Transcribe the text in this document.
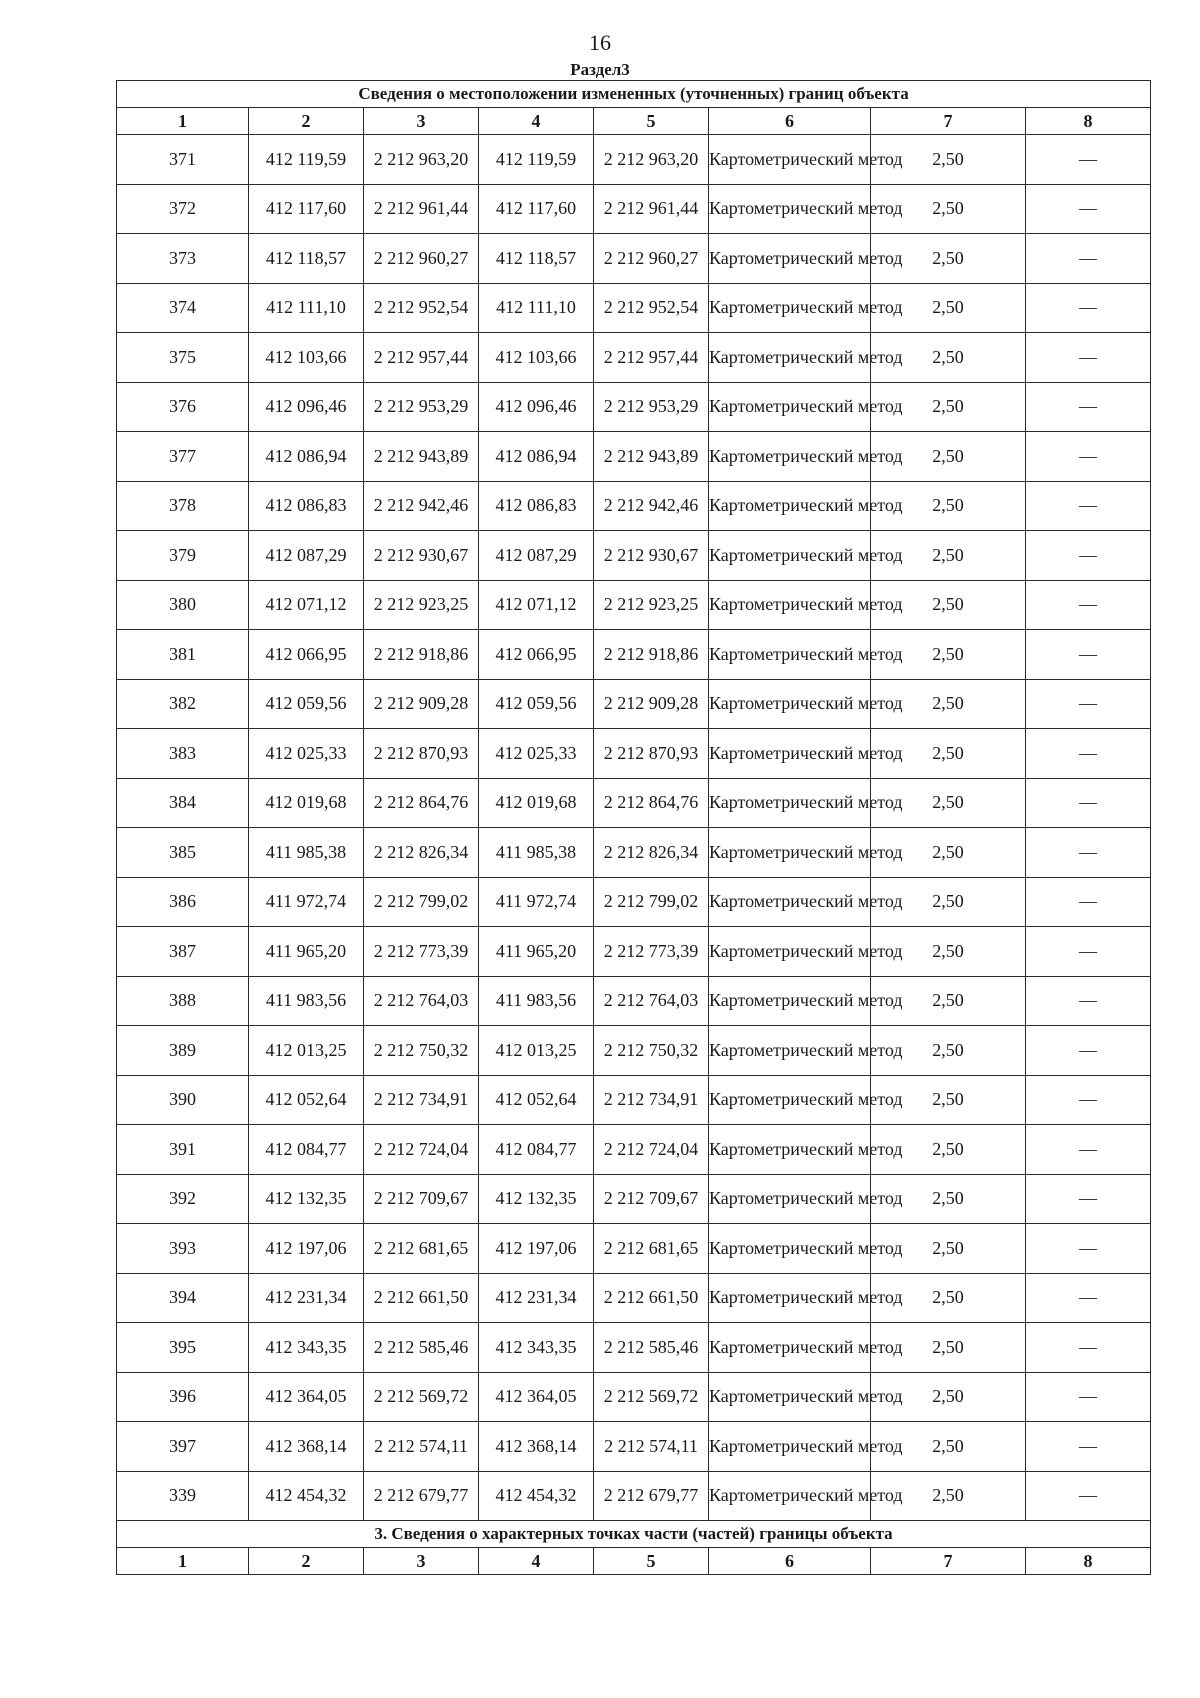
16
Раздел3
Сведения о местоположении измененных (уточненных) границ объекта							
1	2	3	4	5	6	7	8
371	412 119,59	2 212 963,20	412 119,59	2 212 963,20	Картометрический метод	2,50	—
372	412 117,60	2 212 961,44	412 117,60	2 212 961,44	Картометрический метод	2,50	—
373	412 118,57	2 212 960,27	412 118,57	2 212 960,27	Картометрический метод	2,50	—
374	412 111,10	2 212 952,54	412 111,10	2 212 952,54	Картометрический метод	2,50	—
375	412 103,66	2 212 957,44	412 103,66	2 212 957,44	Картометрический метод	2,50	—
376	412 096,46	2 212 953,29	412 096,46	2 212 953,29	Картометрический метод	2,50	—
377	412 086,94	2 212 943,89	412 086,94	2 212 943,89	Картометрический метод	2,50	—
378	412 086,83	2 212 942,46	412 086,83	2 212 942,46	Картометрический метод	2,50	—
379	412 087,29	2 212 930,67	412 087,29	2 212 930,67	Картометрический метод	2,50	—
380	412 071,12	2 212 923,25	412 071,12	2 212 923,25	Картометрический метод	2,50	—
381	412 066,95	2 212 918,86	412 066,95	2 212 918,86	Картометрический метод	2,50	—
382	412 059,56	2 212 909,28	412 059,56	2 212 909,28	Картометрический метод	2,50	—
383	412 025,33	2 212 870,93	412 025,33	2 212 870,93	Картометрический метод	2,50	—
384	412 019,68	2 212 864,76	412 019,68	2 212 864,76	Картометрический метод	2,50	—
385	411 985,38	2 212 826,34	411 985,38	2 212 826,34	Картометрический метод	2,50	—
386	411 972,74	2 212 799,02	411 972,74	2 212 799,02	Картометрический метод	2,50	—
387	411 965,20	2 212 773,39	411 965,20	2 212 773,39	Картометрический метод	2,50	—
388	411 983,56	2 212 764,03	411 983,56	2 212 764,03	Картометрический метод	2,50	—
389	412 013,25	2 212 750,32	412 013,25	2 212 750,32	Картометрический метод	2,50	—
390	412 052,64	2 212 734,91	412 052,64	2 212 734,91	Картометрический метод	2,50	—
391	412 084,77	2 212 724,04	412 084,77	2 212 724,04	Картометрический метод	2,50	—
392	412 132,35	2 212 709,67	412 132,35	2 212 709,67	Картометрический метод	2,50	—
393	412 197,06	2 212 681,65	412 197,06	2 212 681,65	Картометрический метод	2,50	—
394	412 231,34	2 212 661,50	412 231,34	2 212 661,50	Картометрический метод	2,50	—
395	412 343,35	2 212 585,46	412 343,35	2 212 585,46	Картометрический метод	2,50	—
396	412 364,05	2 212 569,72	412 364,05	2 212 569,72	Картометрический метод	2,50	—
397	412 368,14	2 212 574,11	412 368,14	2 212 574,11	Картометрический метод	2,50	—
339	412 454,32	2 212 679,77	412 454,32	2 212 679,77	Картометрический метод	2,50	—
3. Сведения о характерных точках части (частей) границы объекта							
1	2	3	4	5	6	7	8
